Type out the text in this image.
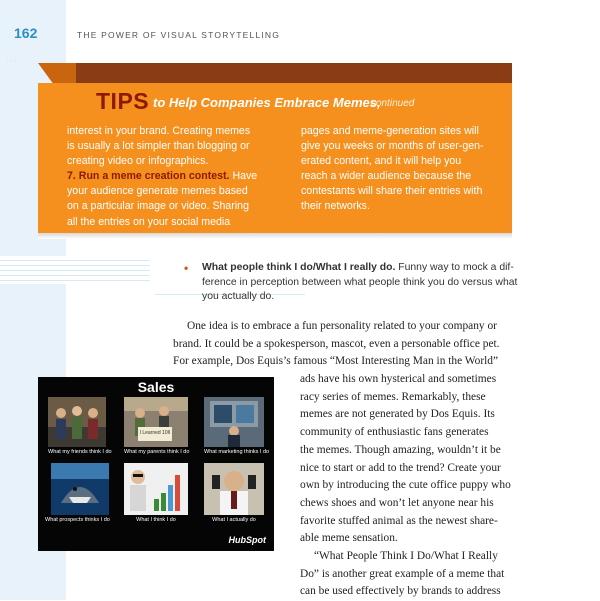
162	THE POWER OF VISUAL STORYTELLING
· · ·
TIPS to Help Companies Embrace Memes,
continued
interest in your brand. Creating memes
is usually a lot simpler than blogging or
creating video or infographics.
7. Run a meme creation contest. Have
your audience generate memes based
on a particular image or video. Sharing
all the entries on your social media
pages and meme-generation sites will
give you weeks or months of user-gen-
erated content, and it will help you
reach a wider audience because the
contestants will share their entries with
their networks.
• What people think I do/What I really do. Funny way to mock a dif-
ference in perception between what people think you do versus what
you actually do.
One idea is to embrace a fun personality related to your company or
brand. It could be a spokesperson, mascot, even a personable office pet.
For example, Dos Equis’s famous “Most Interesting Man in the World”
ads have his own hysterical and sometimes
racy series of memes. Remarkably, these
memes are not generated by Dos Equis. Its
community of enthusiastic fans generates
the memes. Though amazing, wouldn’t it be
nice to start or add to the trend? Create your
own by introducing the cute office puppy who
chews shoes and won’t let anyone near his
favorite stuffed animal as the newest share-
able meme sensation.
“What People Think I Do/What I Really
Do” is another great example of a meme that
can be used effectively by brands to address
Sales
What my friends think I do
I Learned 10¢
What my parents think I do	What marketing thinks I do
What prospects thinks I do	What I think I do	What I actually do
HubSpot
